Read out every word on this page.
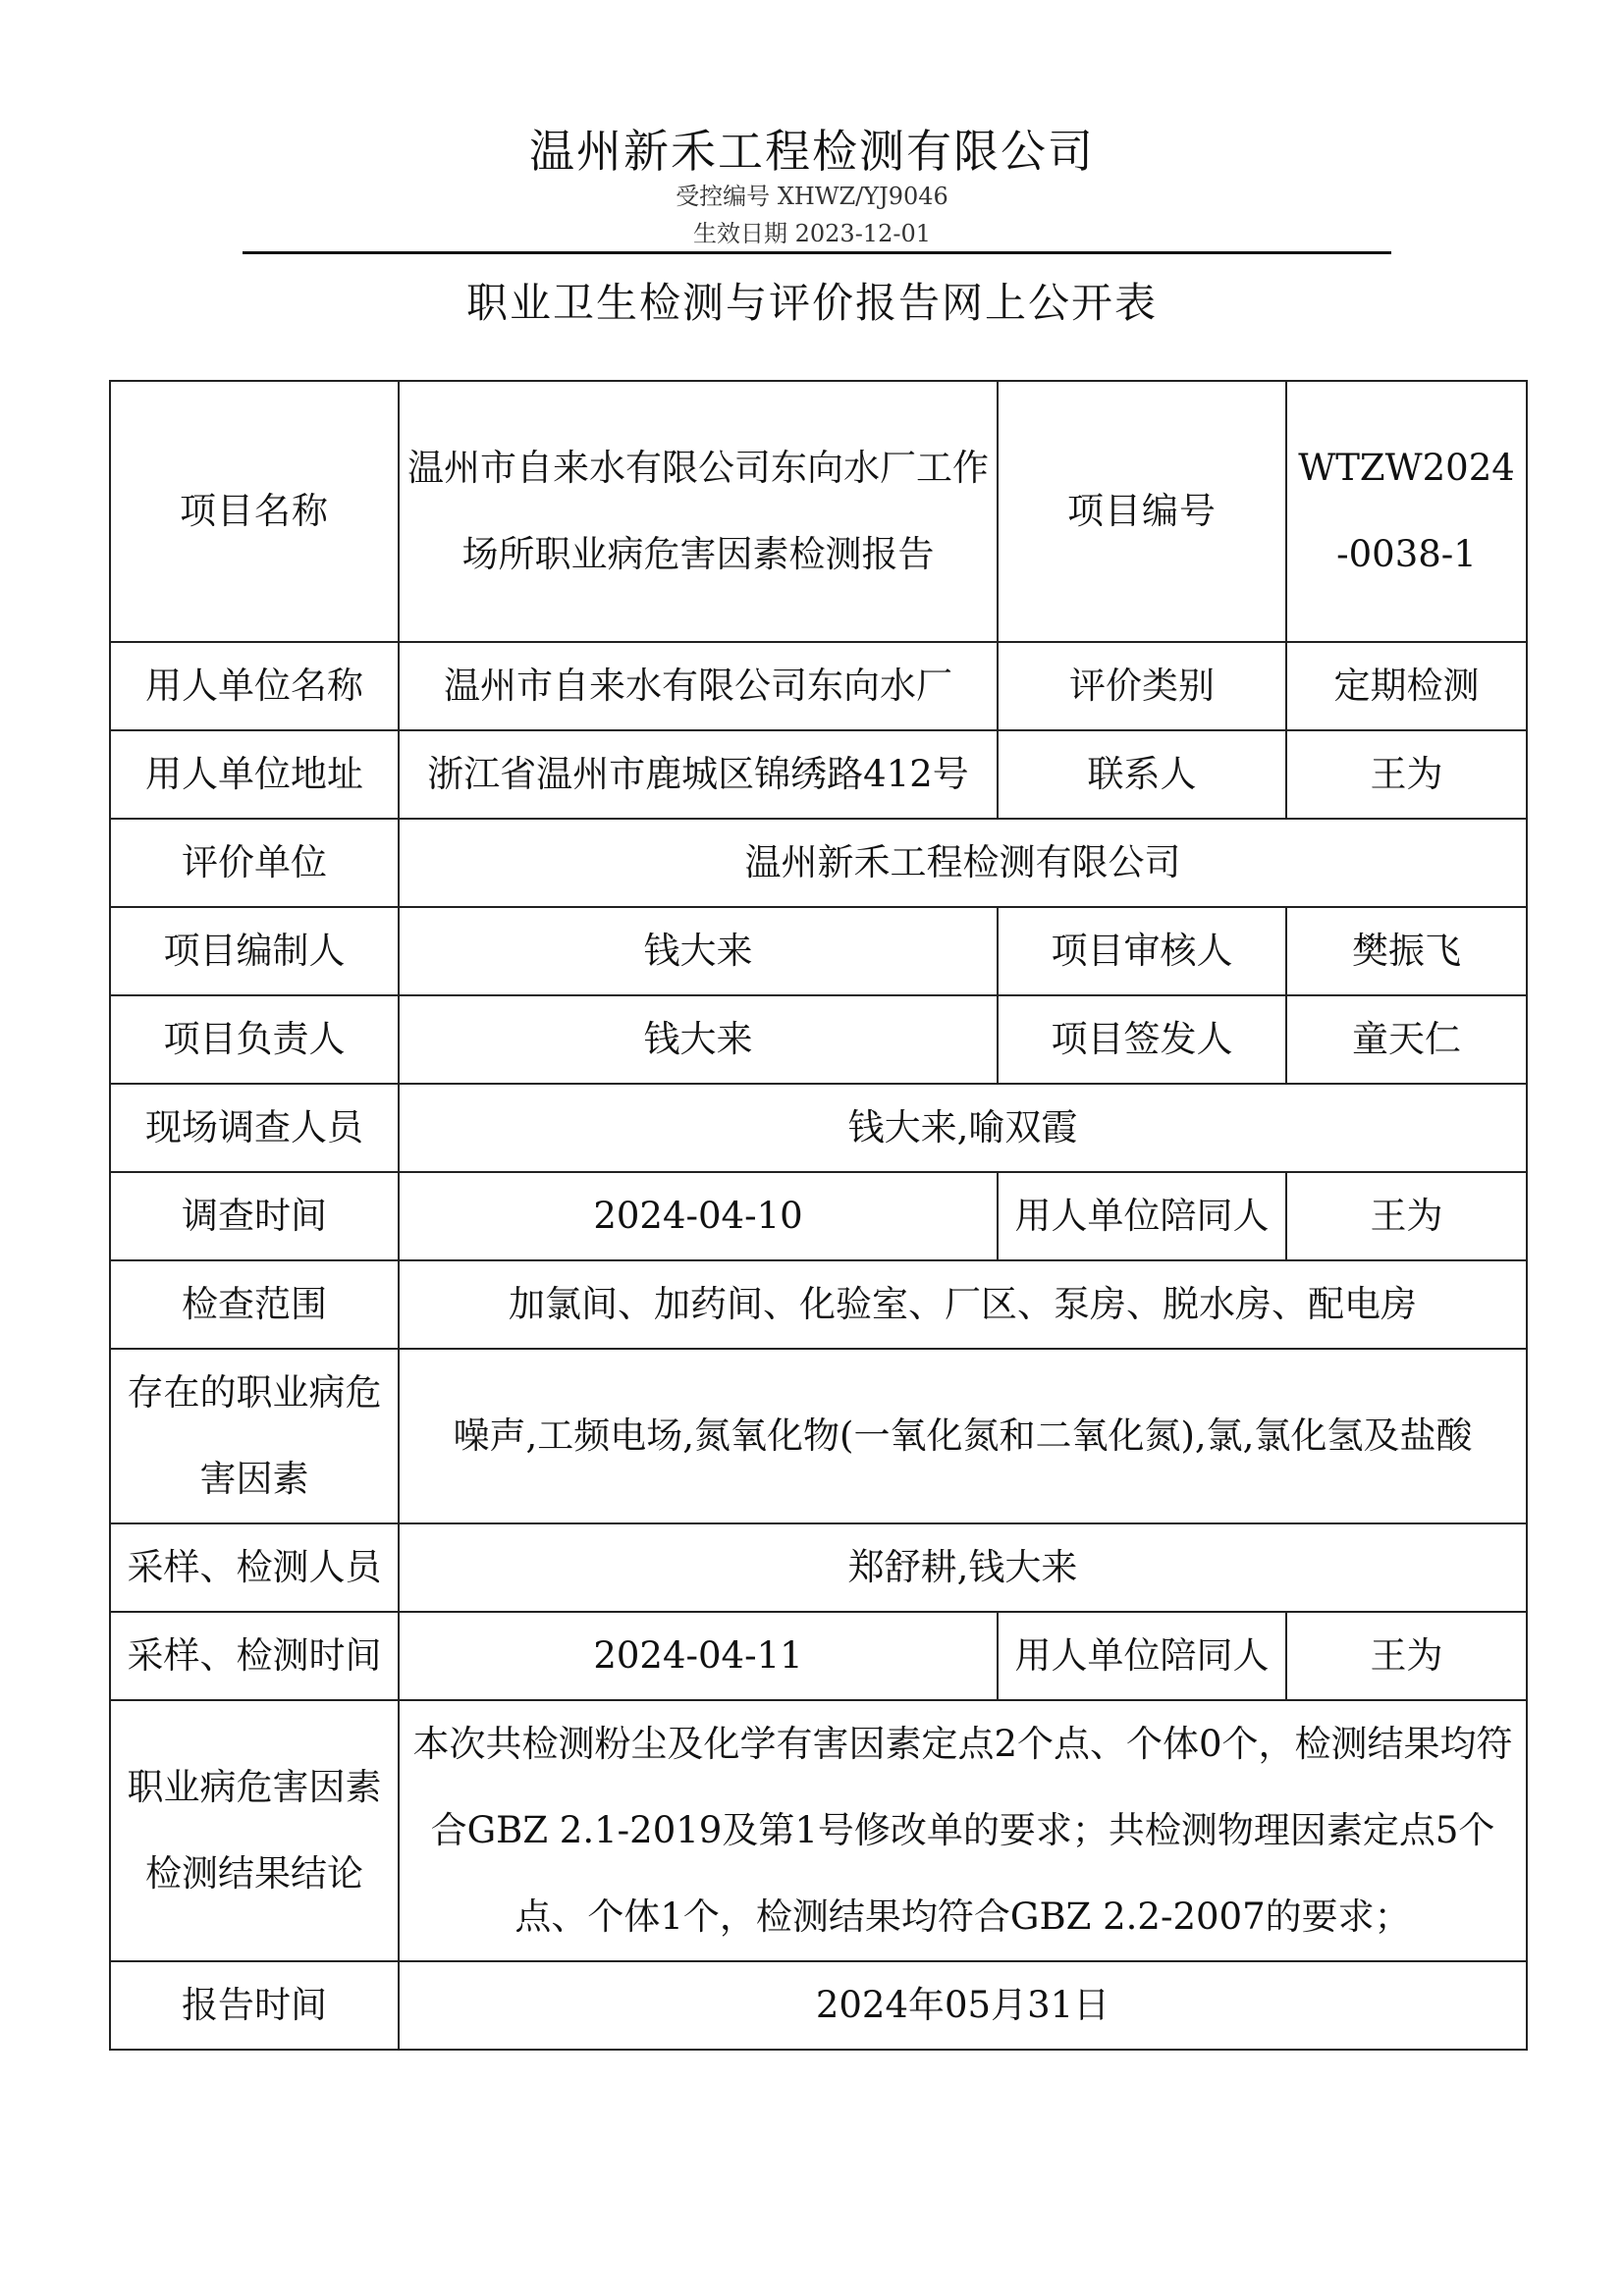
温州新禾工程检测有限公司
受控编号 XHWZ/YJ9046
生效日期 2023-12-01
职业卫生检测与评价报告网上公开表
项目名称	温州市自来水有限公司东向水厂工作场所职业病危害因素检测报告	项目编号	WTZW2024-0038-1
用人单位名称	温州市自来水有限公司东向水厂	评价类别	定期检测
用人单位地址	浙江省温州市鹿城区锦绣路412号	联系人	王为
评价单位	温州新禾工程检测有限公司		
项目编制人	钱大来	项目审核人	樊振飞
项目负责人	钱大来	项目签发人	童天仁
现场调查人员	钱大来,喻双霞		
调查时间	2024-04-10	用人单位陪同人	王为
检查范围	加氯间、加药间、化验室、厂区、泵房、脱水房、配电房		
存在的职业病危害因素	噪声,工频电场,氮氧化物(一氧化氮和二氧化氮),氯,氯化氢及盐酸		
采样、检测人员	郑舒耕,钱大来		
采样、检测时间	2024-04-11	用人单位陪同人	王为
职业病危害因素检测结果结论	本次共检测粉尘及化学有害因素定点2个点、个体0个，检测结果均符合GBZ 2.1-2019及第1号修改单的要求；共检测物理因素定点5个点、个体1个，检测结果均符合GBZ 2.2-2007的要求；		
报告时间	2024年05月31日		
